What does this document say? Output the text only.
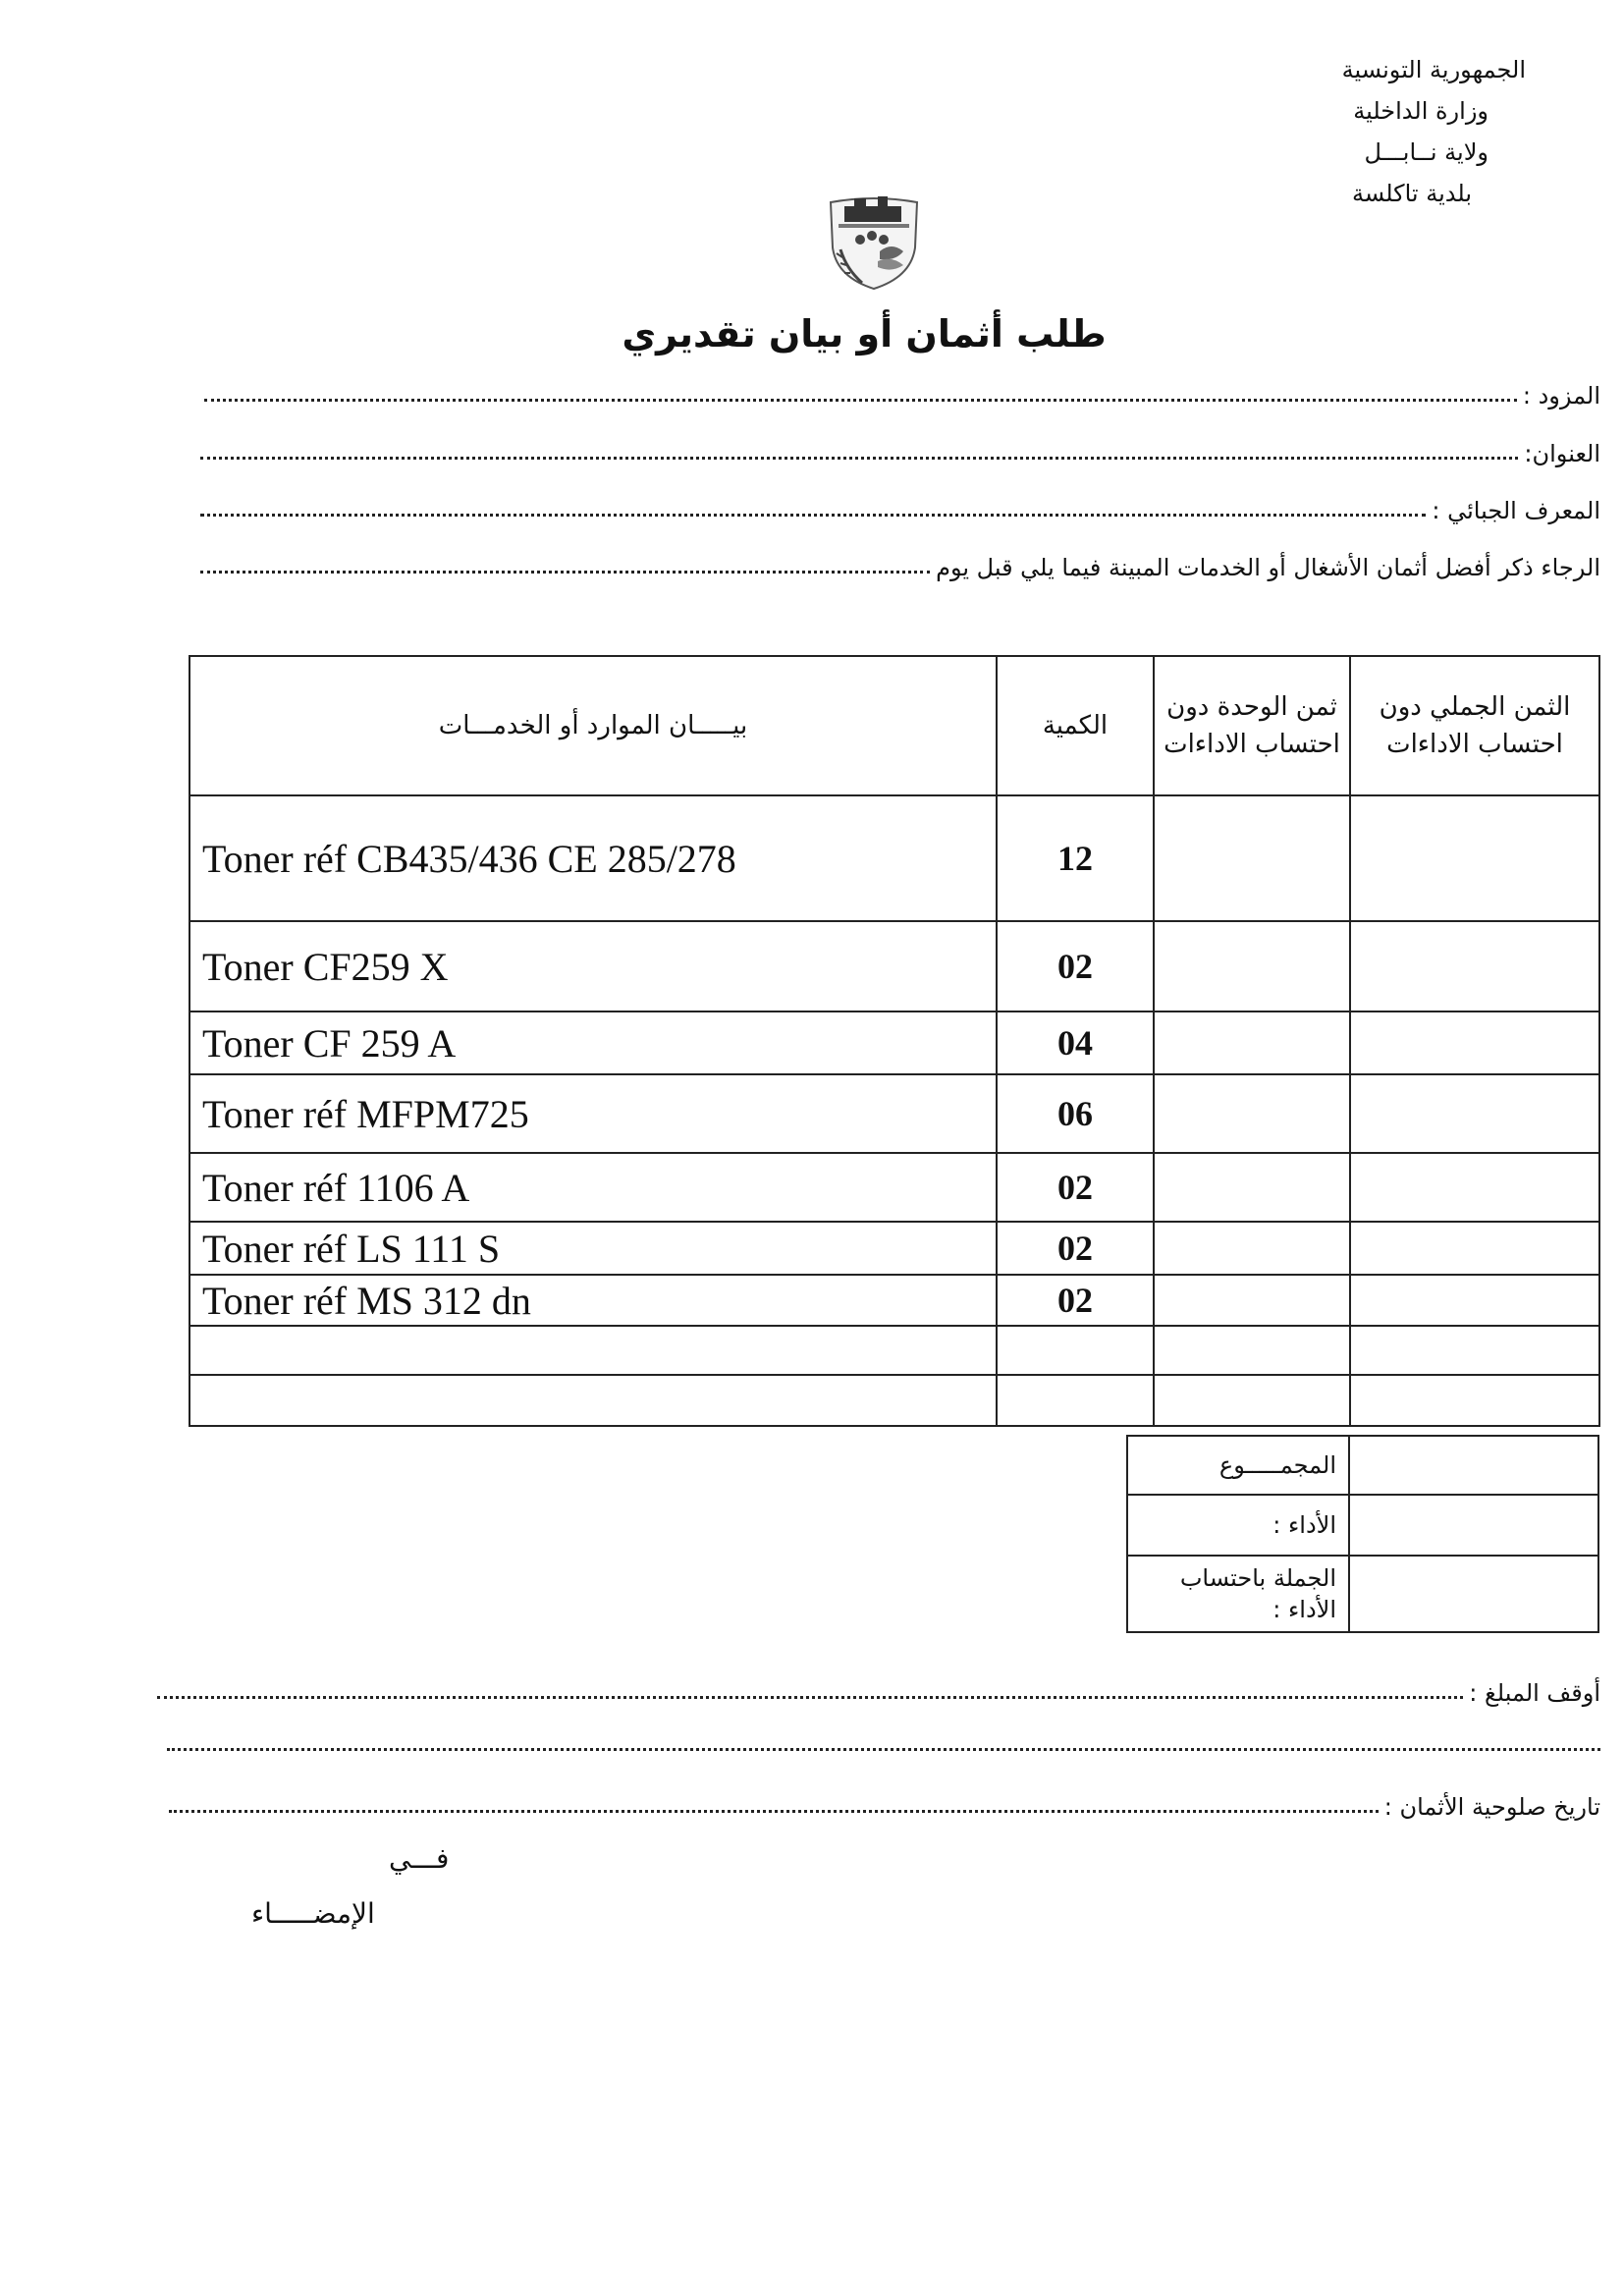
الجمهورية التونسية
وزارة الداخلية
ولاية نــابـــل
بلدية تاكلسة
طلب أثمان أو بيان تقديري
المزود :
العنوان:
المعرف الجبائي :
الرجاء ذكر أفضل أثمان الأشغال أو الخدمات المبينة فيما يلي قبل يوم
بيـــــان الموارد أو الخدمـــات	الكمية	ثمن الوحدة دون احتساب الاداءات	الثمن الجملي دون احتساب الاداءات
Toner réf CB435/436 CE 285/278	12		
Toner CF259 X	02		
Toner CF 259 A	04		
Toner réf MFPM725	06		
Toner réf 1106 A	02		
Toner réf LS 111 S	02		
Toner réf MS 312 dn	02		

المجمـــــوع	
الأداء :	
الجملة باحتساب الأداء :	
أوقف المبلغ :
تاريخ صلوحية الأثمان :
فـــي
الإمضـــــاء
